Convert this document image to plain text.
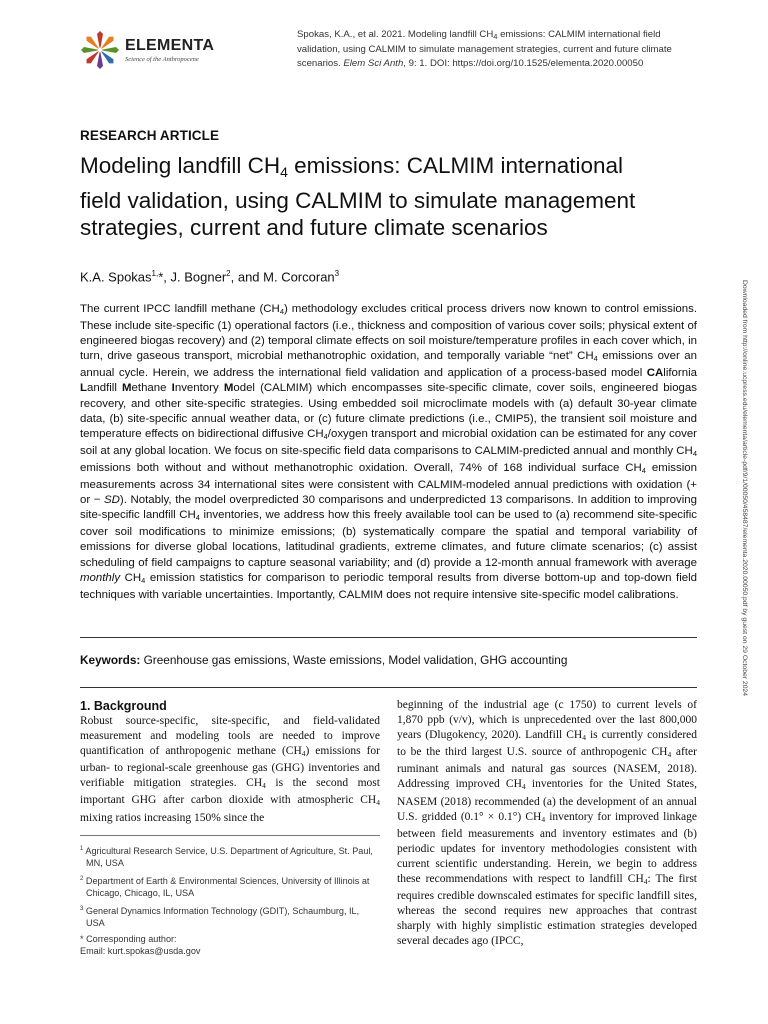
ELEMENTA
Science of the Anthropocene
Spokas, K.A., et al. 2021. Modeling landfill $CH_4$ emissions: CALMIM international field validation, using CALMIM to simulate management strategies, current and future climate scenarios. Elem Sci Anth, 9: 1. DOI: https://doi.org/10.1525/elementa.2020.00050
RESEARCH ARTICLE
Modeling landfill $CH_4$ emissions: CALMIM international field validation, using CALMIM to simulate management strategies, current and future climate scenarios
K.A. Spokas$^{1,}$*, J. Bogner$^2$, and M. Corcoran$^3$
Downloaded from http://online.ucpress.edu/elementa/article-pdf/9/1/00050/458487/elementa.2020.00050.pdf by guest on 29 October 2024
The current IPCC landfill methane $(CH_4)$ methodology excludes critical process drivers now known to control emissions. These include site-specific (1) operational factors (i.e., thickness and composition of various cover soils; physical extent of engineered biogas recovery) and (2) temporal climate effects on soil moisture/temperature profiles in each cover which, in turn, drive gaseous transport, microbial methanotrophic oxidation, and temporally variable “net” $CH_4$ emissions over an annual cycle. Herein, we address the international field validation and application of a process-based model CAlifornia Landfill Methane Inventory Model (CALMIM) which encompasses site-specific climate, cover soils, engineered biogas recovery, and other site-specific strategies. Using embedded soil microclimate models with (a) default 30-year climate data, (b) site-specific annual weather data, or (c) future climate predictions (i.e., CMIP5), the transient soil moisture and temperature effects on bidirectional diffusive $CH_4$/oxygen transport and microbial oxidation can be estimated for any cover soil at any global location. We focus on site-specific field data comparisons to CALMIM-predicted annual and monthly $CH_4$ emissions both without and without methanotrophic oxidation. Overall, 74% of 168 individual surface $CH_4$ emission measurements across 34 international sites were consistent with CALMIM-modeled annual predictions with oxidation (+ or − SD). Notably, the model overpredicted 30 comparisons and underpredicted 13 comparisons. In addition to improving site-specific landfill $CH_4$ inventories, we address how this freely available tool can be used to (a) recommend site-specific cover soil modifications to minimize emissions; (b) systematically compare the spatial and temporal variability of emissions for diverse global locations, latitudinal gradients, extreme climates, and future climate scenarios; (c) assist scheduling of field campaigns to capture seasonal variability; and (d) provide a 12-month annual framework with average monthly $CH_4$ emission statistics for comparison to periodic temporal results from diverse bottom-up and top-down field techniques with variable uncertainties. Importantly, CALMIM does not require intensive site-specific model calibrations.
Keywords: Greenhouse gas emissions, Waste emissions, Model validation, GHG accounting
1. Background
Robust source-specific, site-specific, and field-validated measurement and modeling tools are needed to improve quantification of anthropogenic methane $(CH_4)$ emissions for urban- to regional-scale greenhouse gas (GHG) inventories and verifiable mitigation strategies. $CH_4$ is the second most important GHG after carbon dioxide with atmospheric $CH_4$ mixing ratios increasing 150% since the
beginning of the industrial age (c 1750) to current levels of 1,870 ppb (v/v), which is unprecedented over the last 800,000 years (Dlugokency, 2020). Landfill $CH_4$ is currently considered to be the third largest U.S. source of anthropogenic $CH_4$ after ruminant animals and natural gas sources (NASEM, 2018). Addressing improved $CH_4$ inventories for the United States, NASEM (2018) recommended (a) the development of an annual U.S. gridded (0.1° × 0.1°) $CH_4$ inventory for improved linkage between field measurements and inventory estimates and (b) periodic updates for inventory methodologies consistent with current scientific understanding. Herein, we begin to address these recommendations with respect to landfill $CH_4$: The first requires credible downscaled estimates for specific landfill sites, whereas the second requires new approaches that contrast sharply with highly simplistic estimation strategies developed several decades ago (IPCC,
$^1$ Agricultural Research Service, U.S. Department of Agriculture, St. Paul, MN, USA
$^2$ Department of Earth & Environmental Sciences, University of Illinois at Chicago, Chicago, IL, USA
$^3$ General Dynamics Information Technology (GDIT), Schaumburg, IL, USA
* Corresponding author:
Email: kurt.spokas@usda.gov
